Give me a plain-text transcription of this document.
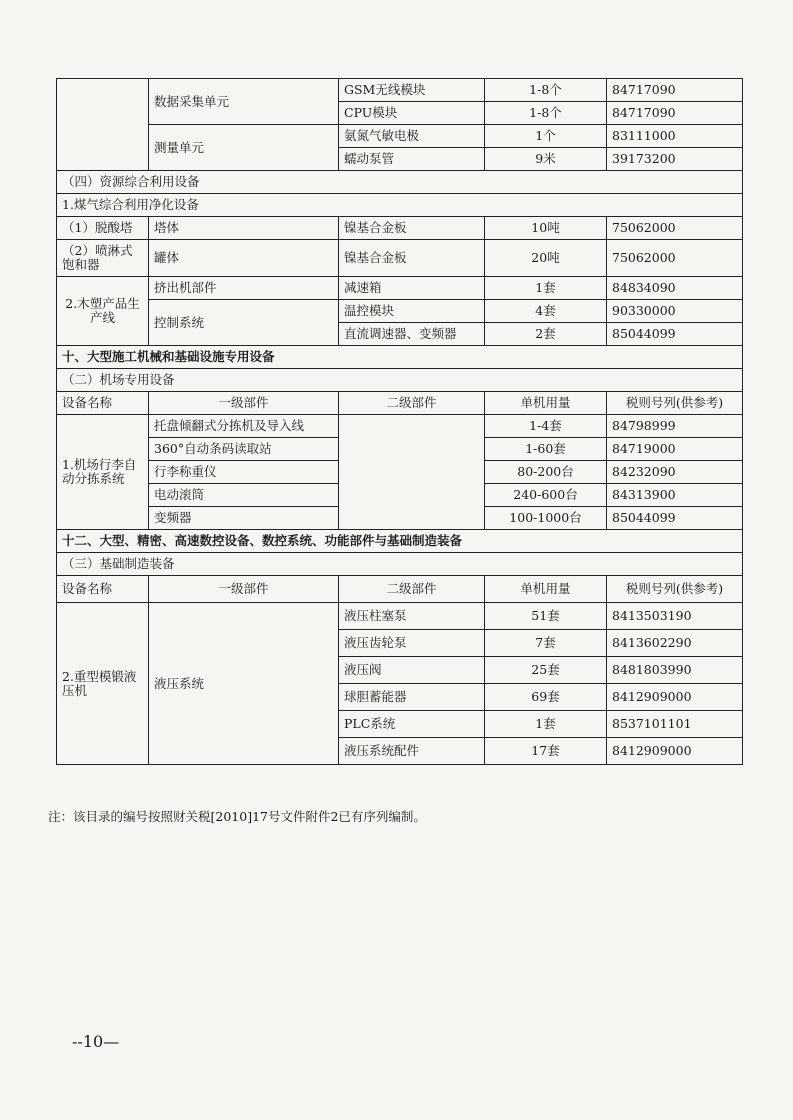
	数据采集单元	GSM无线模块	1-8个	84717090
		CPU模块	1-8个	84717090
	测量单元	氨氮气敏电极	1个	83111000
		蠕动泵管	9米	39173200
（四）资源综合利用设备				
1.煤气综合利用净化设备				
（1）脱酸塔	塔体	镍基合金板	10吨	75062000
（2）喷淋式饱和器	罐体	镍基合金板	20吨	75062000
2.木塑产品生产线	挤出机部件	减速箱	1套	84834090
	控制系统	温控模块	4套	90330000
		直流调速器、变频器	2套	85044099
十、大型施工机械和基础设施专用设备				
（二）机场专用设备				
设备名称	一级部件	二级部件	单机用量	税则号列(供参考)
1.机场行李自动分拣系统	托盘倾翻式分拣机及导入线		1-4套	84798999
	360°自动条码读取站		1-60套	84719000
	行李称重仪		80-200台	84232090
	电动滚筒		240-600台	84313900
	变频器		100-1000台	85044099
十二、大型、精密、高速数控设备、数控系统、功能部件与基础制造装备				
（三）基础制造装备				
设备名称	一级部件	二级部件	单机用量	税则号列(供参考)
2.重型模锻液压机	液压系统	液压柱塞泵	51套	8413503190
		液压齿轮泵	7套	8413602290
		液压阀	25套	8481803990
		球胆蓄能器	69套	8412909000
		PLC系统	1套	8537101101
		液压系统配件	17套	8412909000
注：该目录的编号按照财关税[2010]17号文件附件2已有序列编制。
--10—
